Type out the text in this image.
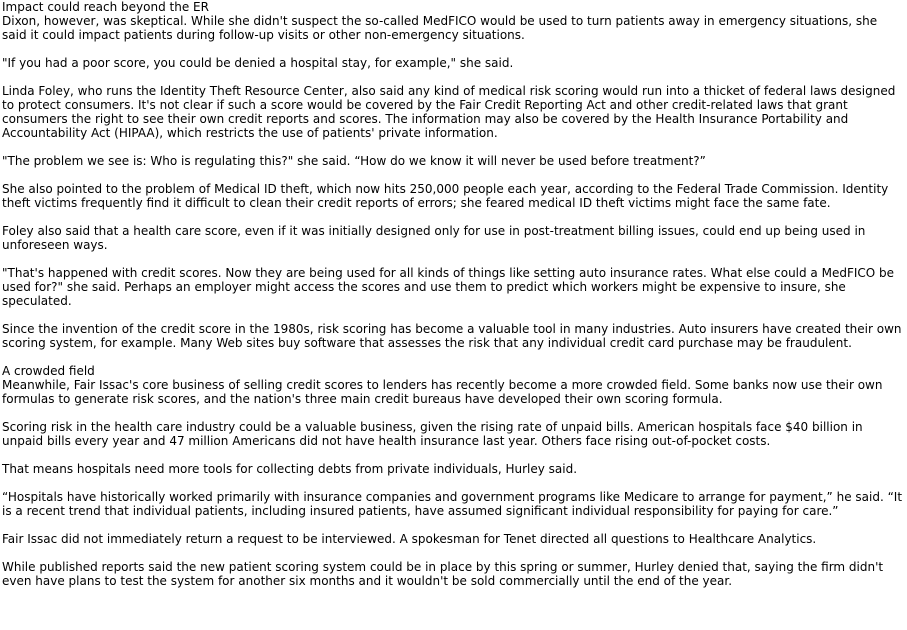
Impact could reach beyond the ER

Dixon, however, was skeptical. While she didn't suspect the so-called MedFICO would be used to turn patients away in emergency situations, she said it could impact patients during follow-up visits or other non-emergency situations.

"If you had a poor score, you could be denied a hospital stay, for example," she said.

Linda Foley, who runs the Identity Theft Resource Center, also said any kind of medical risk scoring would run into a thicket of federal laws designed to protect consumers. It's not clear if such a score would be covered by the Fair Credit Reporting Act and other credit-related laws that grant consumers the right to see their own credit reports and scores. The information may also be covered by the Health Insurance Portability and Accountability Act (HIPAA), which restricts the use of patients' private information.

"The problem we see is: Who is regulating this?" she said. “How do we know it will never be used before treatment?”

She also pointed to the problem of Medical ID theft, which now hits 250,000 people each year, according to the Federal Trade Commission. Identity theft victims frequently find it difficult to clean their credit reports of errors; she feared medical ID theft victims might face the same fate.

Foley also said that a health care score, even if it was initially designed only for use in post-treatment billing issues, could end up being used in unforeseen ways.

"That's happened with credit scores. Now they are being used for all kinds of things like setting auto insurance rates. What else could a MedFICO be used for?" she said. Perhaps an employer might access the scores and use them to predict which workers might be expensive to insure, she speculated.

Since the invention of the credit score in the 1980s, risk scoring has become a valuable tool in many industries. Auto insurers have created their own scoring system, for example. Many Web sites buy software that assesses the risk that any individual credit card purchase may be fraudulent.

A crowded field

Meanwhile, Fair Issac's core business of selling credit scores to lenders has recently become a more crowded field. Some banks now use their own formulas to generate risk scores, and the nation's three main credit bureaus have developed their own scoring formula.

Scoring risk in the health care industry could be a valuable business, given the rising rate of unpaid bills. American hospitals face $40 billion in unpaid bills every year and 47 million Americans did not have health insurance last year. Others face rising out-of-pocket costs.

That means hospitals need more tools for collecting debts from private individuals, Hurley said.

“Hospitals have historically worked primarily with insurance companies and government programs like Medicare to arrange for payment,” he said. “It is a recent trend that individual patients, including insured patients, have assumed significant individual responsibility for paying for care.”

Fair Issac did not immediately return a request to be interviewed. A spokesman for Tenet directed all questions to Healthcare Analytics.

While published reports said the new patient scoring system could be in place by this spring or summer, Hurley denied that, saying the firm didn't even have plans to test the system for another six months and it wouldn't be sold commercially until the end of the year.
